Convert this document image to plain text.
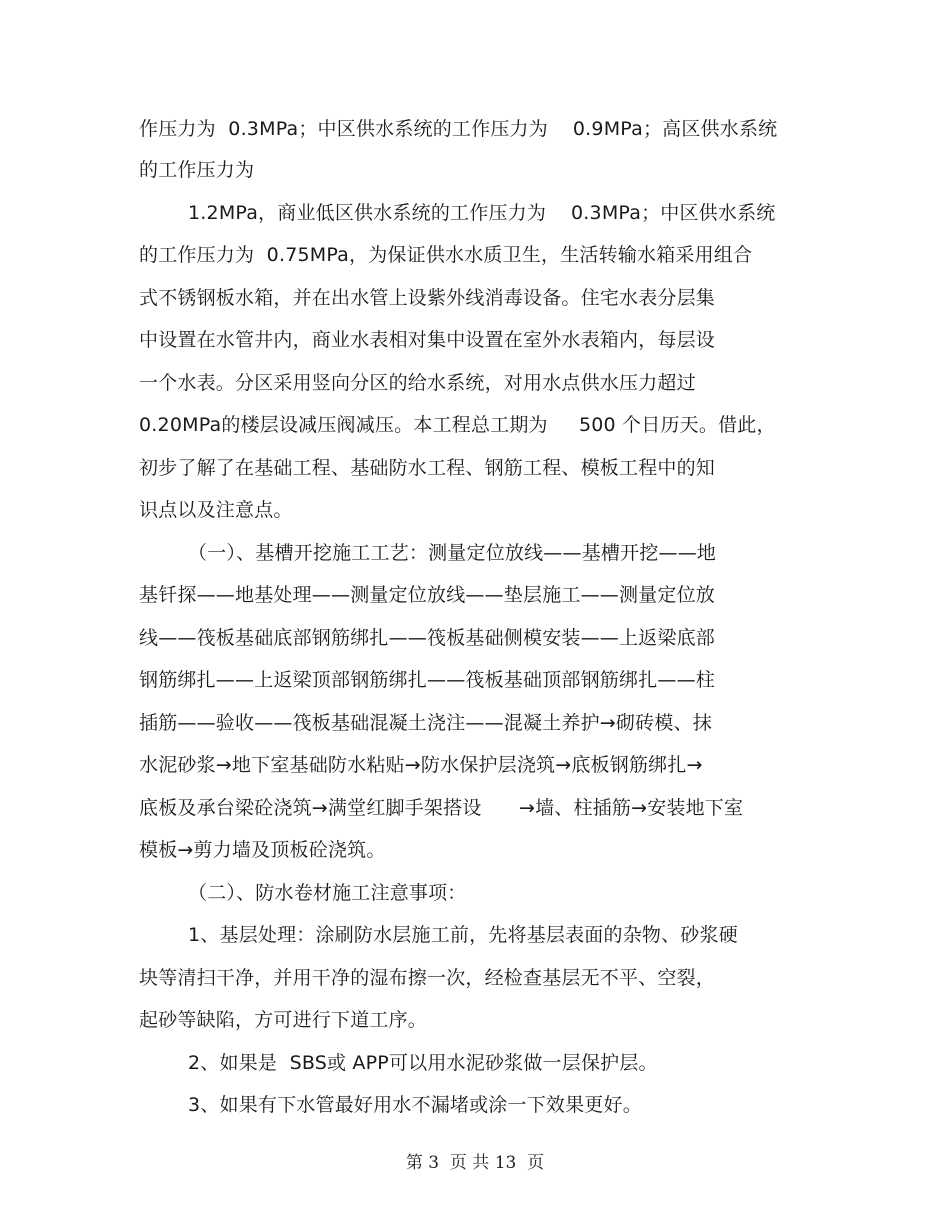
作压力为  0.3MPa；中区供水系统的工作压力为    0.9MPa；高区供水系统
的工作压力为
1.2MPa，商业低区供水系统的工作压力为    0.3MPa；中区供水系统
的工作压力为  0.75MPa，为保证供水水质卫生，生活转输水箱采用组合
式不锈钢板水箱，并在出水管上设紫外线消毒设备。住宅水表分层集
中设置在水管井内，商业水表相对集中设置在室外水表箱内，每层设
一个水表。分区采用竖向分区的给水系统，对用水点供水压力超过
0.20MPa的楼层设减压阀减压。本工程总工期为     500 个日历天。借此，
初步了解了在基础工程、基础防水工程、钢筋工程、模板工程中的知
识点以及注意点。
（一）、基槽开挖施工工艺：测量定位放线——基槽开挖——地
基钎探——地基处理——测量定位放线——垫层施工——测量定位放
线——筏板基础底部钢筋绑扎——筏板基础侧模安装——上返梁底部
钢筋绑扎——上返梁顶部钢筋绑扎——筏板基础顶部钢筋绑扎——柱
插筋——验收——筏板基础混凝土浇注——混凝土养护→砌砖模、抹
水泥砂浆→地下室基础防水粘贴→防水保护层浇筑→底板钢筋绑扎→
底板及承台梁砼浇筑→满堂红脚手架搭设      →墙、柱插筋→安装地下室
模板→剪力墙及顶板砼浇筑。
（二）、防水卷材施工注意事项：
1、基层处理：涂刷防水层施工前，先将基层表面的杂物、砂浆硬
块等清扫干净，并用干净的湿布擦一次，经检查基层无不平、空裂，
起砂等缺陷，方可进行下道工序。
2、如果是  SBS或 APP可以用水泥砂浆做一层保护层。
3、如果有下水管最好用水不漏堵或涂一下效果更好。
第 3  页 共 13  页
